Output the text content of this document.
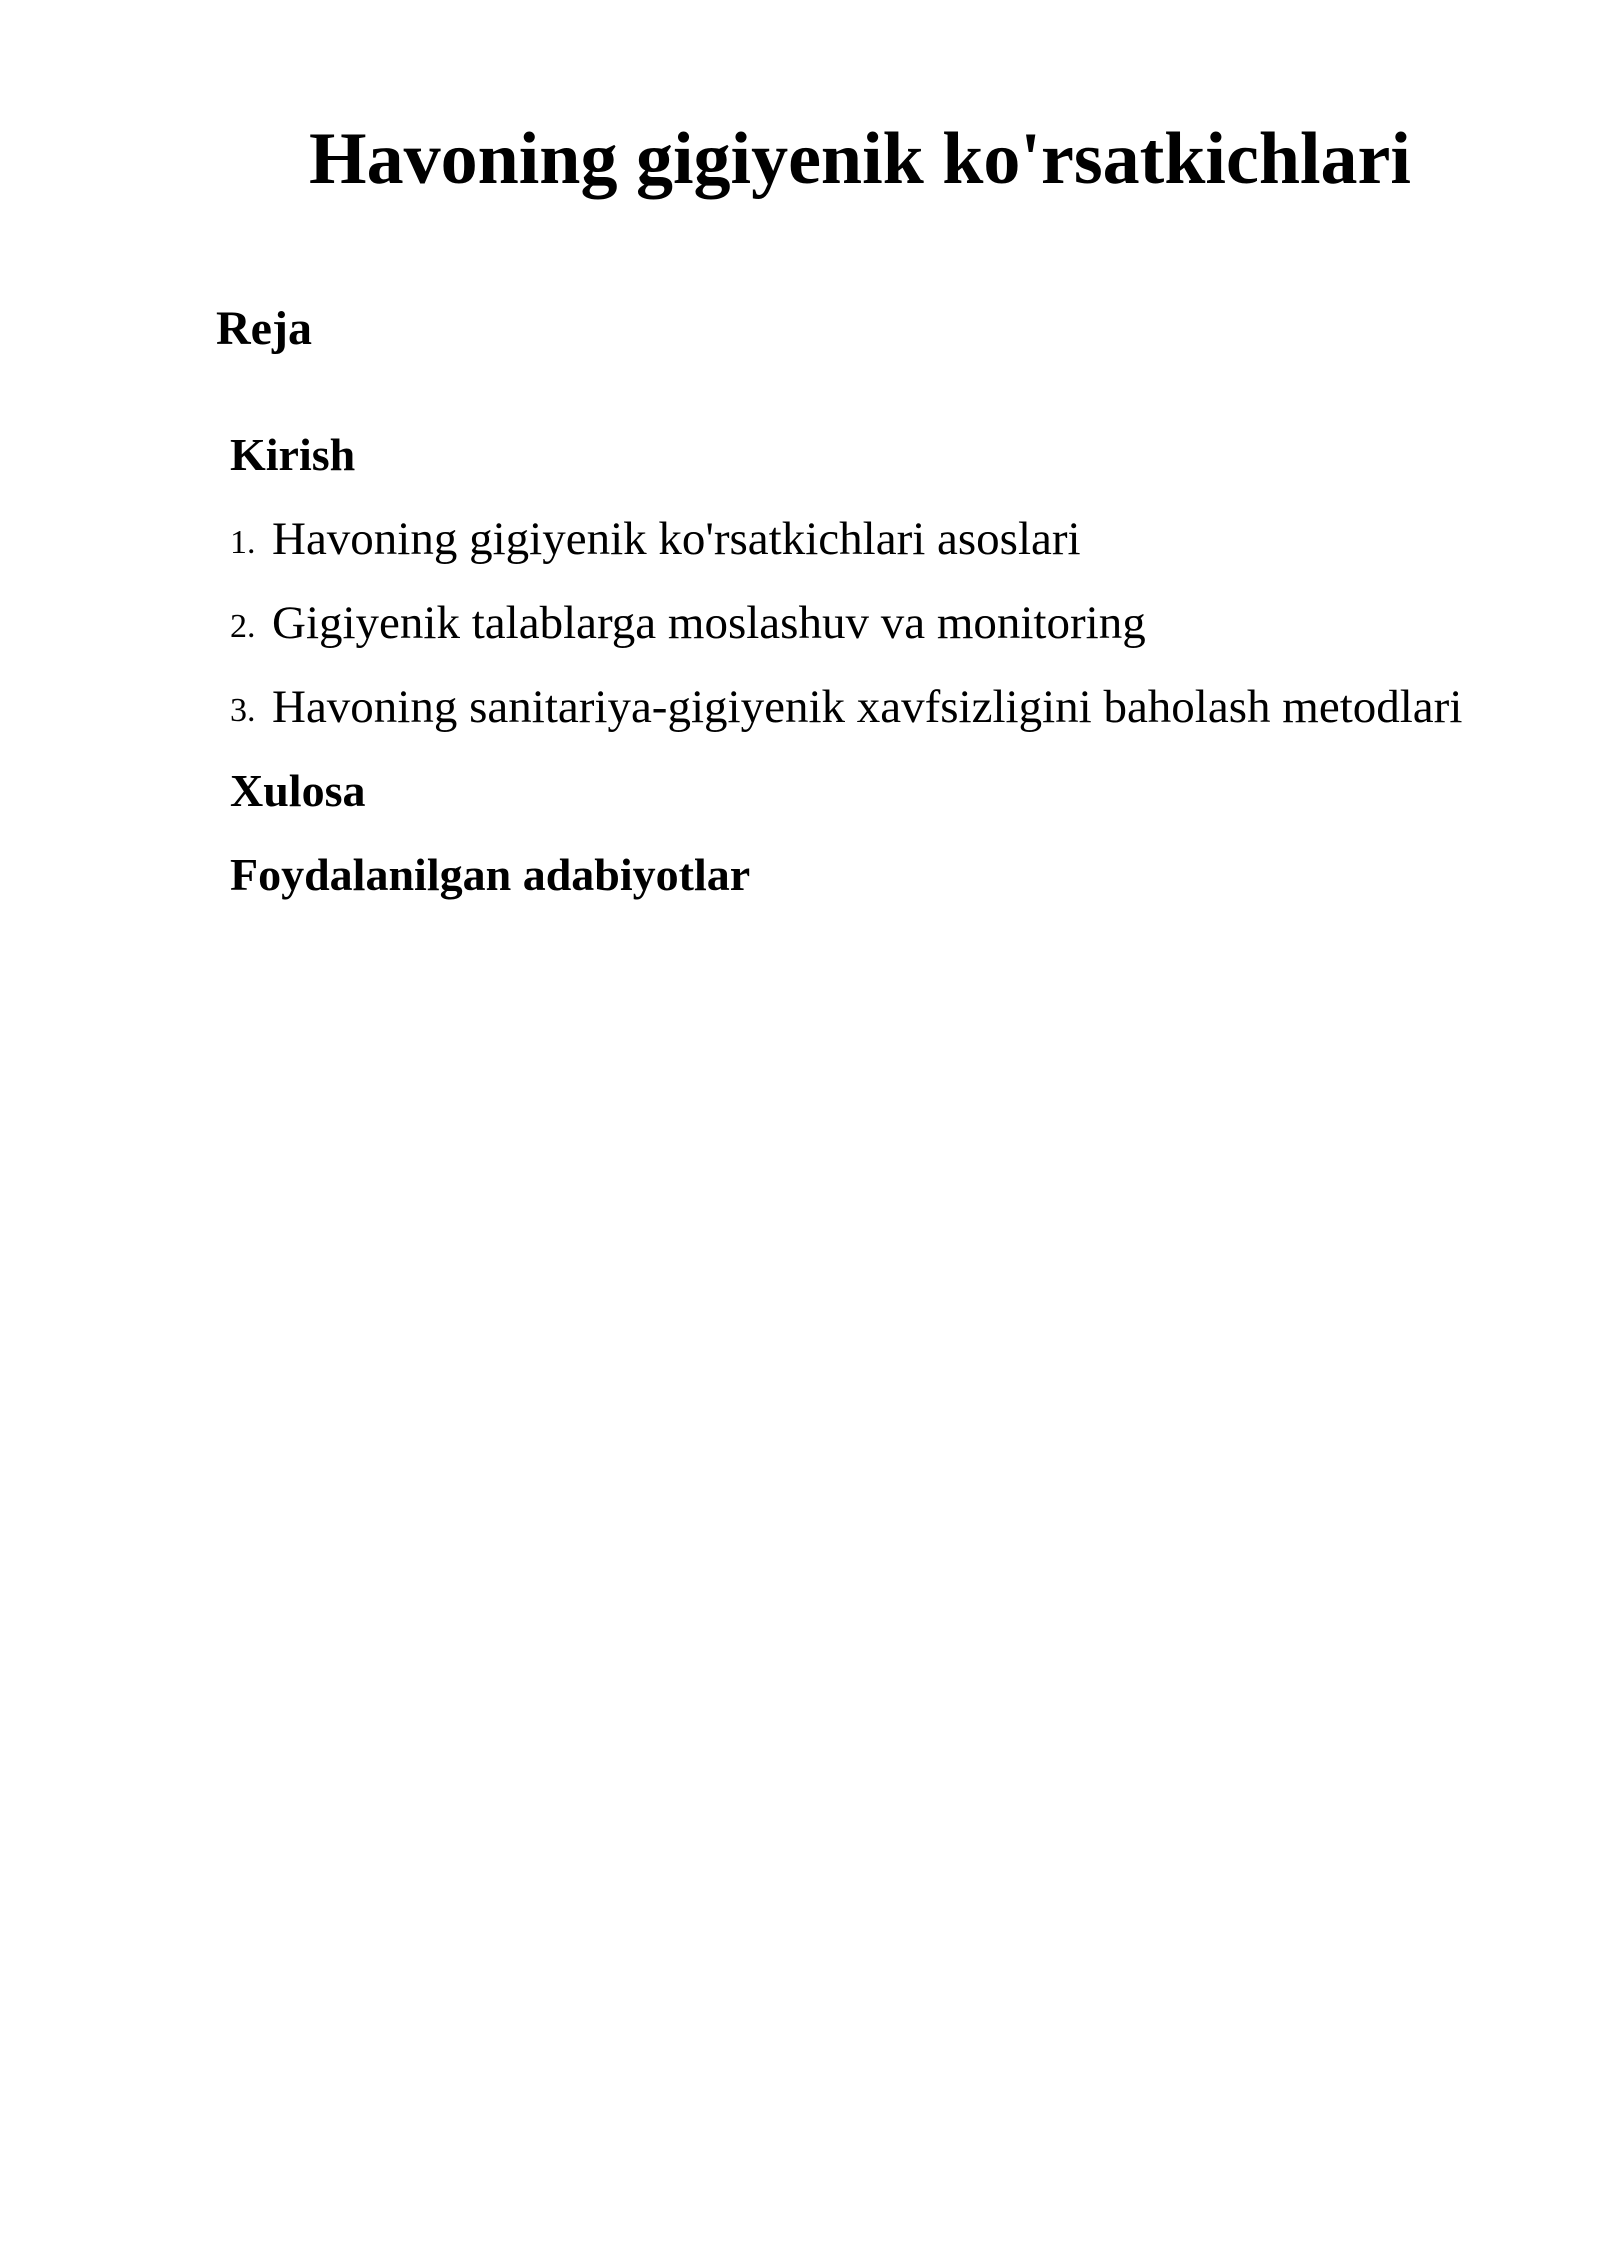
Havoning gigiyenik ko'rsatkichlari
Reja
Kirish
1. Havoning gigiyenik ko'rsatkichlari asoslari
2. Gigiyenik talablarga moslashuv va monitoring
3. Havoning sanitariya-gigiyenik xavfsizligini baholash metodlari
Xulosa
Foydalanilgan adabiyotlar
